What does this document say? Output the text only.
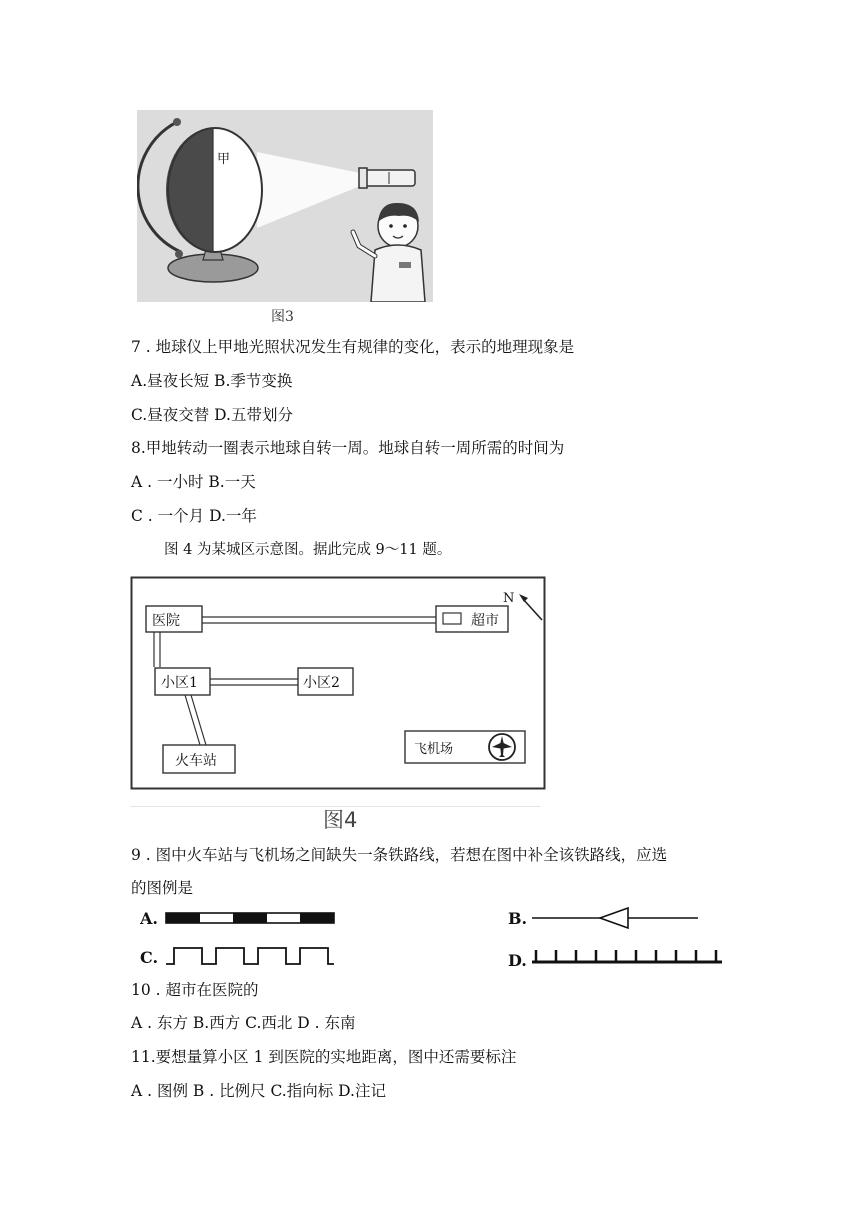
甲
图3
7 . 地球仪上甲地光照状况发生有规律的变化，表示的地理现象是
A.昼夜长短 B.季节变换
C.昼夜交替 D.五带划分
8.甲地转动一圈表示地球自转一周。地球自转一周所需的时间为
A . 一小时 B.一天
C . 一个月 D.一年
图 4 为某城区示意图。据此完成 9～11 题。
N
医院	超市
小区1	小区2
火车站
飞机场
图4
9 . 图中火车站与飞机场之间缺失一条铁路线，若想在图中补全该铁路线，应选
的图例是
A.	B.
C.	D.
10 . 超市在医院的
A . 东方 B.西方 C.西北 D . 东南
11.要想量算小区 1 到医院的实地距离，图中还需要标注
A . 图例 B . 比例尺 C.指向标 D.注记
